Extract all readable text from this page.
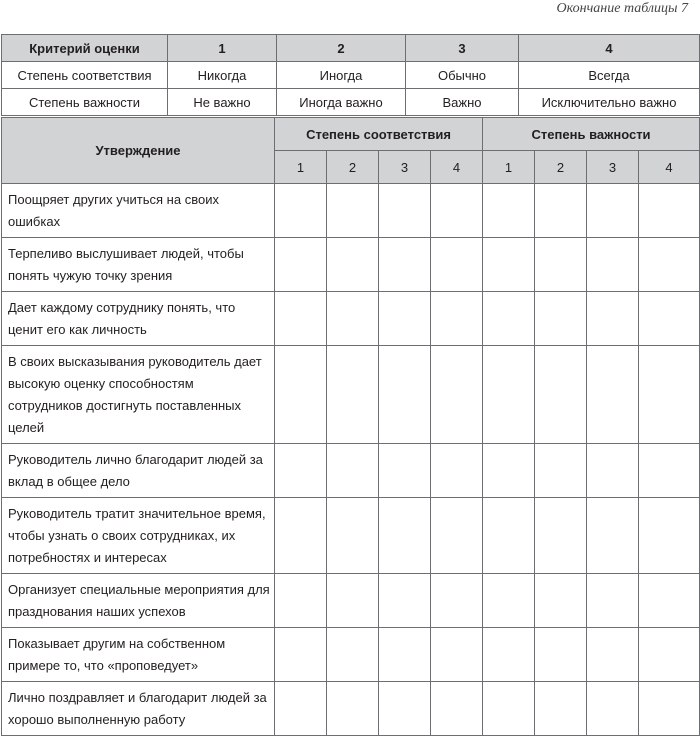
Окончание таблицы 7
Критерий оценки	1	2	3	4
Степень соответствия	Никогда	Иногда	Обычно	Всегда
Степень важности	Не важно	Иногда важно	Важно	Исключительно важно
Утверждение	Степень соответствия				Степень важности			
	1	2	3	4	1	2	3	4
Поощряет других учиться на своих ошибках								
Терпеливо выслушивает людей, чтобы понять чужую точку зрения								
Дает каждому сотруднику понять, что ценит его как личность								
В своих высказывания руководитель дает высокую оценку способностям сотрудников достигнуть поставленных целей								
Руководитель лично благодарит людей за вклад в общее дело								
Руководитель тратит значительное время, чтобы узнать о своих сотрудниках, их потребностях и интересах								
Организует специальные мероприятия для празднования наших успехов								
Показывает другим на собственном примере то, что «проповедует»								
Лично поздравляет и благодарит людей за хорошо выполненную работу								
